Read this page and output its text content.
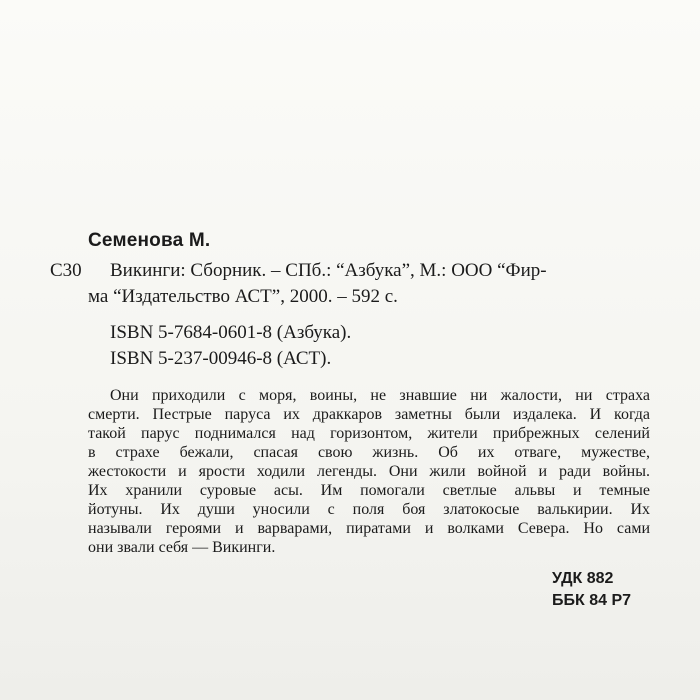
Семенова М.
С30 Викинги: Сборник. – СПб.: “Азбука”, М.: ООО “Фир-
ма “Издательство АСТ”, 2000. – 592 с.
ISBN 5-7684-0601-8 (Азбука).
ISBN 5-237-00946-8 (АСТ).
Они приходили с моря, воины, не знавшие ни жалости, ни страха
смерти. Пестрые паруса их драккаров заметны были издалека. И когда
такой парус поднимался над горизонтом, жители прибрежных селений
в страхе бежали, спасая свою жизнь. Об их отваге, мужестве,
жестокости и ярости ходили легенды. Они жили войной и ради войны.
Их хранили суровые асы. Им помогали светлые альвы и темные
йотуны. Их души уносили с поля боя златокосые валькирии. Их
называли героями и варварами, пиратами и волками Севера. Но сами
они звали себя — Викинги.
УДК 882
ББК 84 Р7
